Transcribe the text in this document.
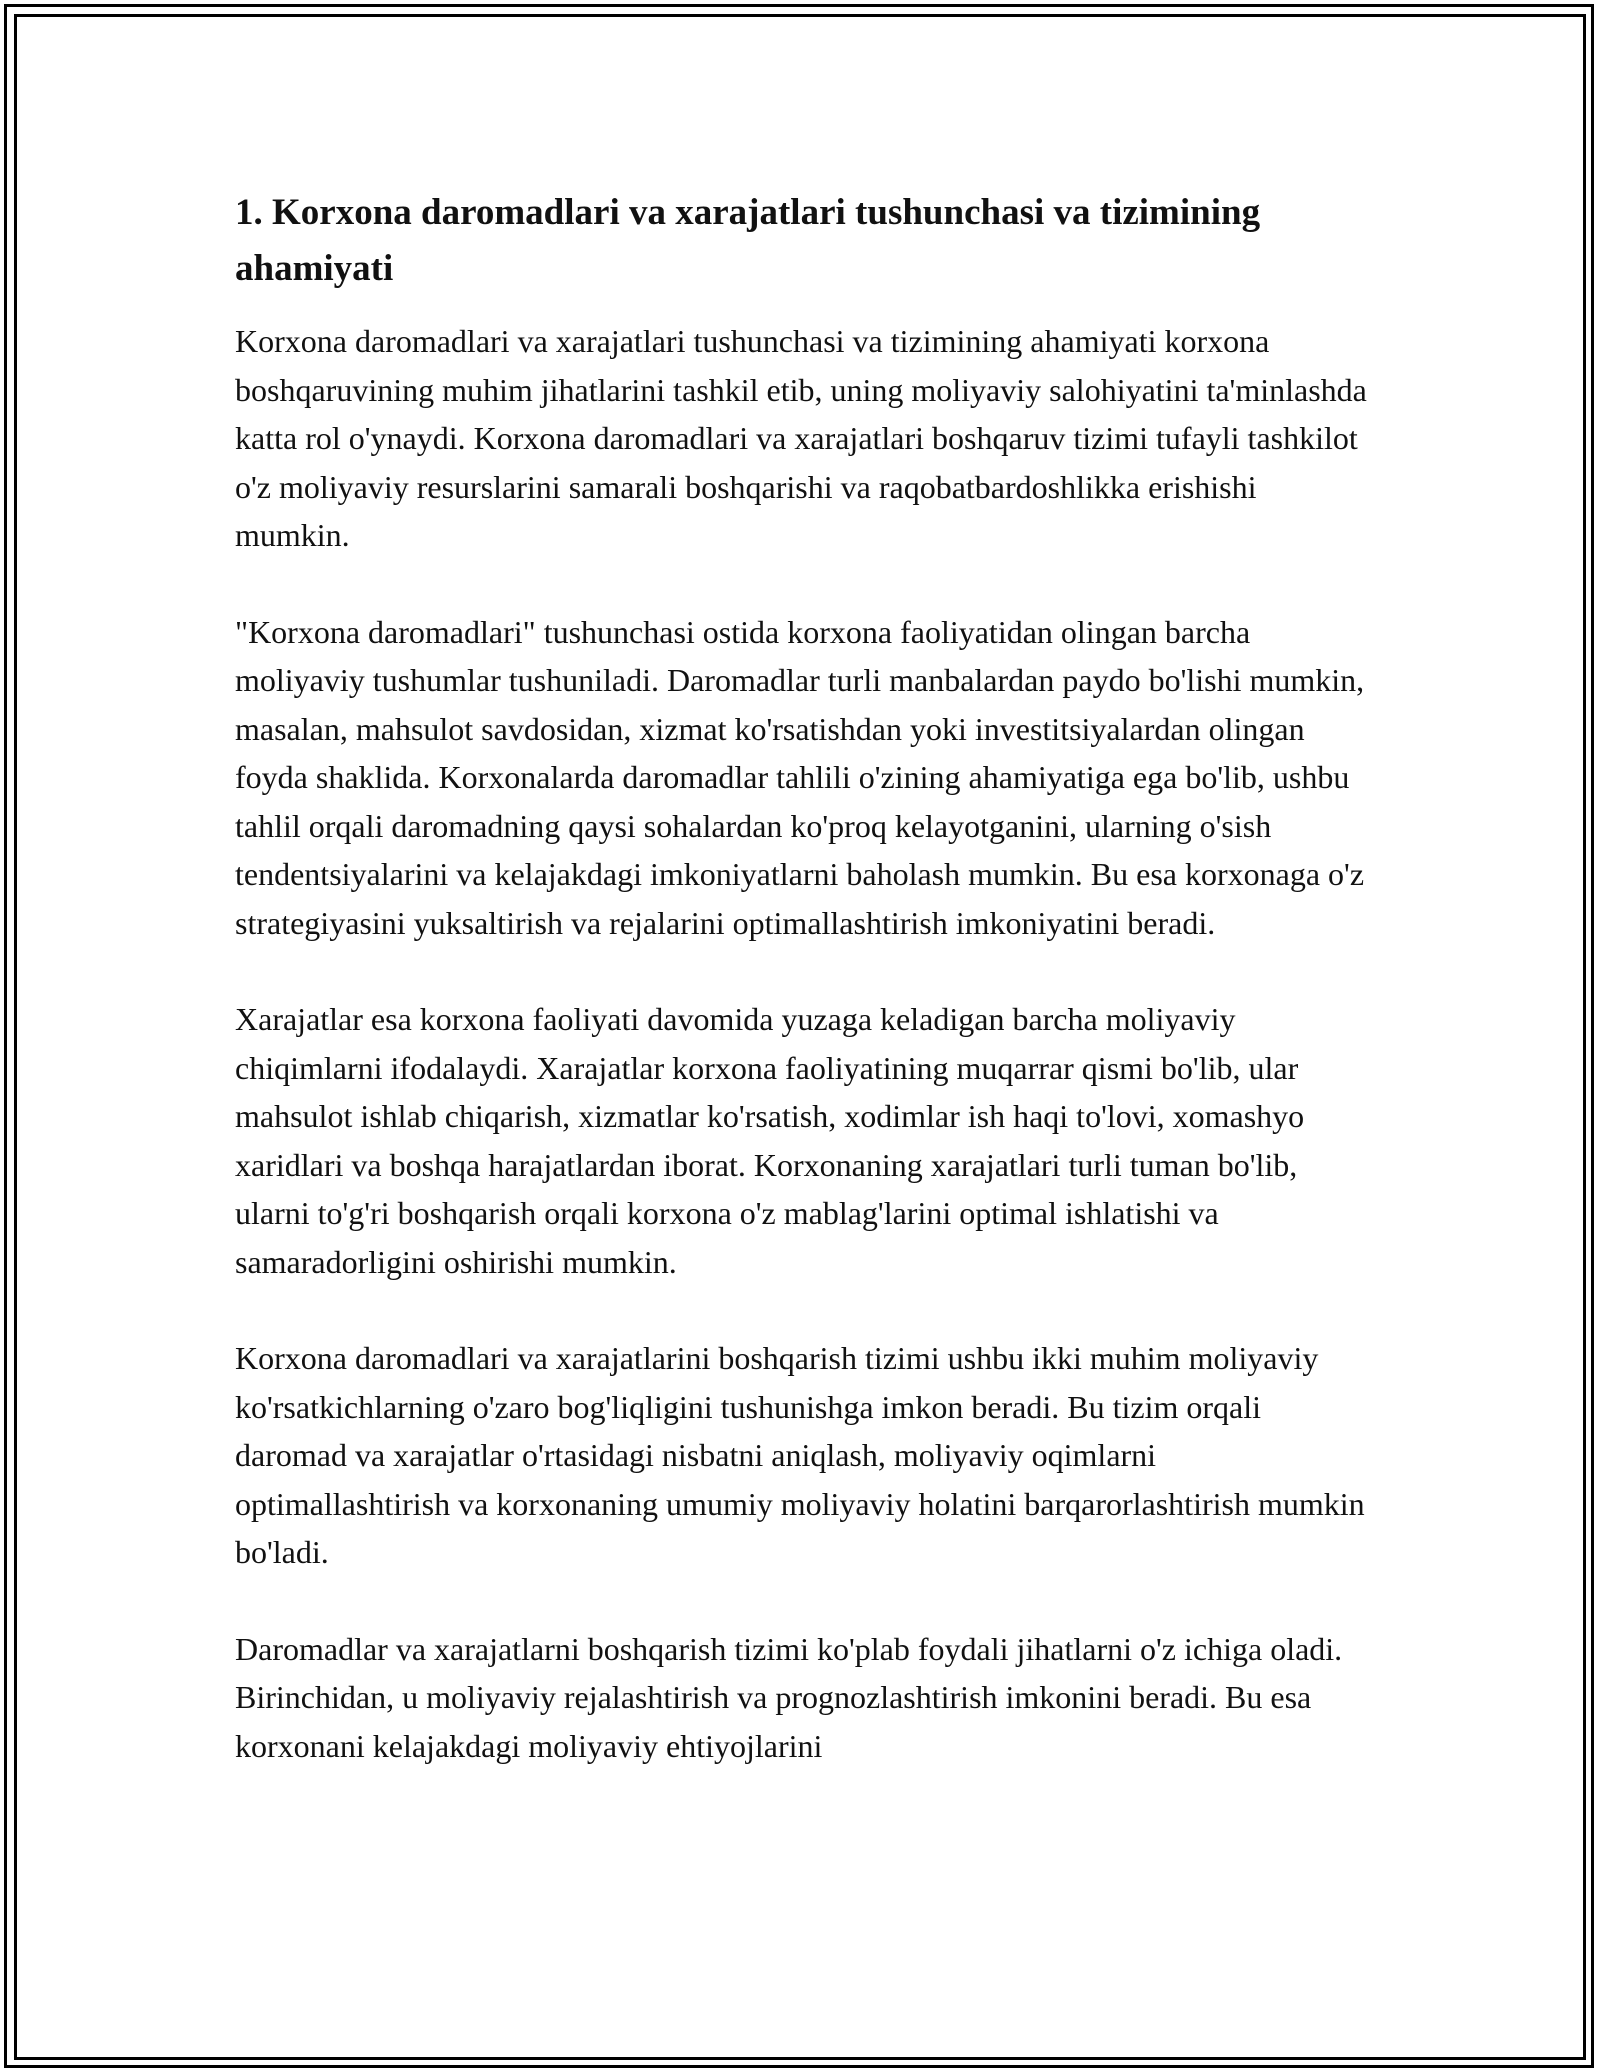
1. Korxona daromadlari va xarajatlari tushunchasi va tizimining ahamiyati

Korxona daromadlari va xarajatlari tushunchasi va tizimining ahamiyati korxona boshqaruvining muhim jihatlarini tashkil etib, uning moliyaviy salohiyatini ta'minlashda katta rol o'ynaydi. Korxona daromadlari va xarajatlari boshqaruv tizimi tufayli tashkilot o'z moliyaviy resurslarini samarali boshqarishi va raqobatbardoshlikka erishishi mumkin.

"Korxona daromadlari" tushunchasi ostida korxona faoliyatidan olingan barcha moliyaviy tushumlar tushuniladi. Daromadlar turli manbalardan paydo bo'lishi mumkin, masalan, mahsulot savdosidan, xizmat ko'rsatishdan yoki investitsiyalardan olingan foyda shaklida. Korxonalarda daromadlar tahlili o'zining ahamiyatiga ega bo'lib, ushbu tahlil orqali daromadning qaysi sohalardan ko'proq kelayotganini, ularning o'sish tendentsiyalarini va kelajakdagi imkoniyatlarni baholash mumkin. Bu esa korxonaga o'z strategiyasini yuksaltirish va rejalarini optimallashtirish imkoniyatini beradi.

Xarajatlar esa korxona faoliyati davomida yuzaga keladigan barcha moliyaviy chiqimlarni ifodalaydi. Xarajatlar korxona faoliyatining muqarrar qismi bo'lib, ular mahsulot ishlab chiqarish, xizmatlar ko'rsatish, xodimlar ish haqi to'lovi, xomashyo xaridlari va boshqa harajatlardan iborat. Korxonaning xarajatlari turli tuman bo'lib, ularni to'g'ri boshqarish orqali korxona o'z mablag'larini optimal ishlatishi va samaradorligini oshirishi mumkin.

Korxona daromadlari va xarajatlarini boshqarish tizimi ushbu ikki muhim moliyaviy ko'rsatkichlarning o'zaro bog'liqligini tushunishga imkon beradi. Bu tizim orqali daromad va xarajatlar o'rtasidagi nisbatni aniqlash, moliyaviy oqimlarni optimallashtirish va korxonaning umumiy moliyaviy holatini barqarorlashtirish mumkin bo'ladi.

Daromadlar va xarajatlarni boshqarish tizimi ko'plab foydali jihatlarni o'z ichiga oladi. Birinchidan, u moliyaviy rejalashtirish va prognozlashtirish imkonini beradi. Bu esa korxonani kelajakdagi moliyaviy ehtiyojlarini
